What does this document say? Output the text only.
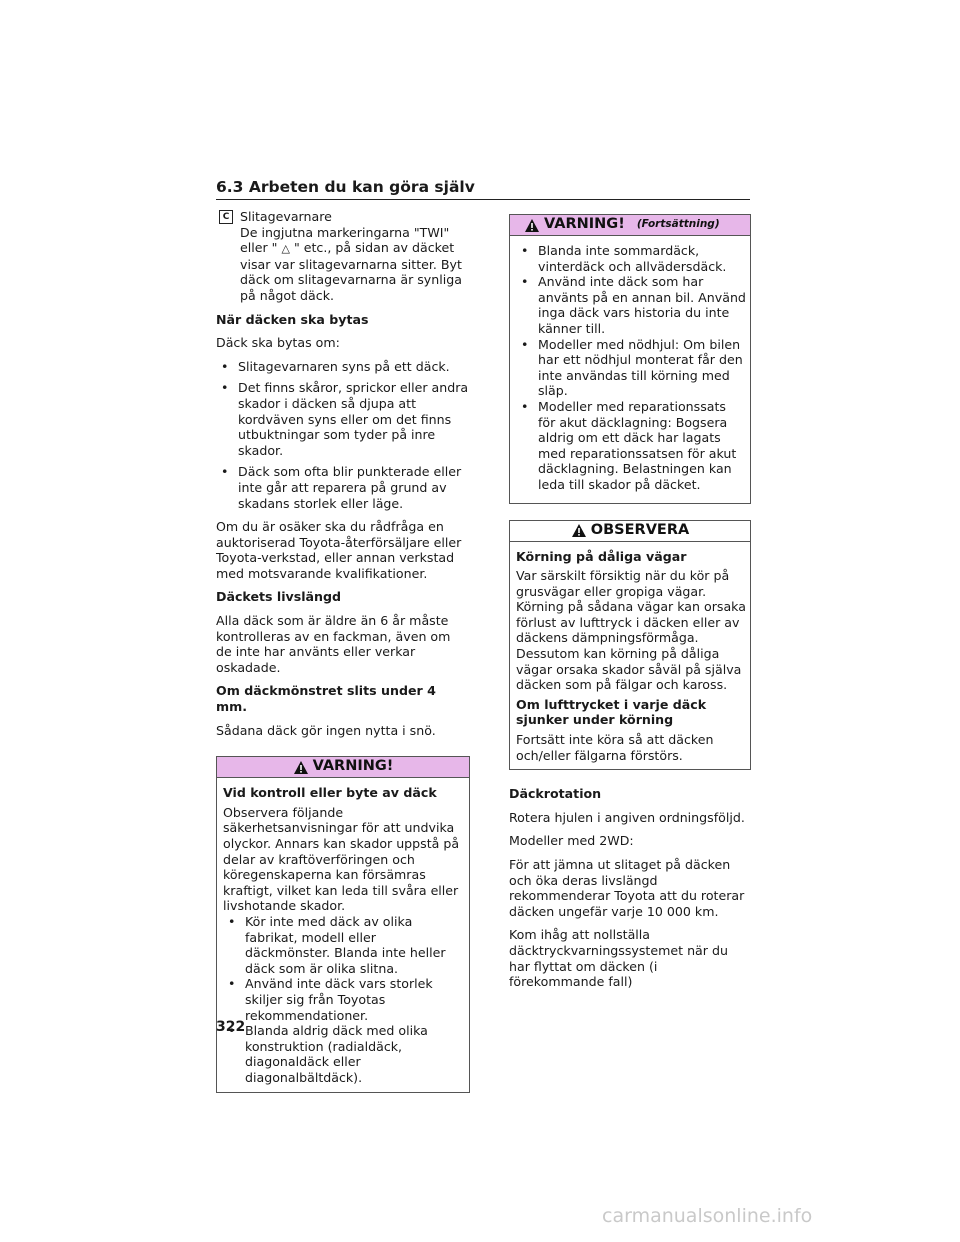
6.3 Arbeten du kan göra själv
C Slitagevarnare
De ingjutna markeringarna "TWI" eller " △ " etc., på sidan av däcket visar var slitagevarnarna sitter. Byt däck om slitagevarnarna är synliga på något däck.

När däcken ska bytas

Däck ska bytas om:

• Slitagevarnaren syns på ett däck.
• Det finns skåror, sprickor eller andra skador i däcken så djupa att kordväven syns eller om det finns utbuktningar som tyder på inre skador.
• Däck som ofta blir punkterade eller inte går att reparera på grund av skadans storlek eller läge.

Om du är osäker ska du rådfråga en auktoriserad Toyota-återförsäljare eller Toyota-verkstad, eller annan verkstad med motsvarande kvalifikationer.

Däckets livslängd

Alla däck som är äldre än 6 år måste kontrolleras av en fackman, även om de inte har använts eller verkar oskadade.

Om däckmönstret slits under 4 mm.

Sådana däck gör ingen nytta i snö.

VARNING!

Vid kontroll eller byte av däck

Observera följande säkerhetsanvisningar för att undvika olyckor. Annars kan skador uppstå på delar av kraftöverföringen och köregenskaperna kan försämras kraftigt, vilket kan leda till svåra eller livshotande skador.
• Kör inte med däck av olika fabrikat, modell eller däckmönster. Blanda inte heller däck som är olika slitna.
• Använd inte däck vars storlek skiljer sig från Toyotas rekommendationer.
• Blanda aldrig däck med olika konstruktion (radialdäck, diagonaldäck eller diagonalbältdäck).
VARNING! (Fortsättning)
• Blanda inte sommardäck, vinterdäck och allvädersdäck.
• Använd inte däck som har använts på en annan bil. Använd inga däck vars historia du inte känner till.
• Modeller med nödhjul: Om bilen har ett nödhjul monterat får den inte användas till körning med släp.
• Modeller med reparationssats för akut däcklagning: Bogsera aldrig om ett däck har lagats med reparationssatsen för akut däcklagning. Belastningen kan leda till skador på däcket.
OBSERVERA

Körning på dåliga vägar

Var särskilt försiktig när du kör på grusvägar eller gropiga vägar. Körning på sådana vägar kan orsaka förlust av lufttryck i däcken eller av däckens dämpningsförmåga. Dessutom kan körning på dåliga vägar orsaka skador såväl på själva däcken som på fälgar och kaross.

Om lufttrycket i varje däck sjunker under körning

Fortsätt inte köra så att däcken och/eller fälgarna förstörs.

Däckrotation

Rotera hjulen i angiven ordningsföljd.

Modeller med 2WD:

För att jämna ut slitaget på däcken och öka deras livslängd rekommenderar Toyota att du roterar däcken ungefär varje 10 000 km.

Kom ihåg att nollställa däcktryckvarningssystemet när du har flyttat om däcken (i förekommande fall)

322
carmanualsonline.info
